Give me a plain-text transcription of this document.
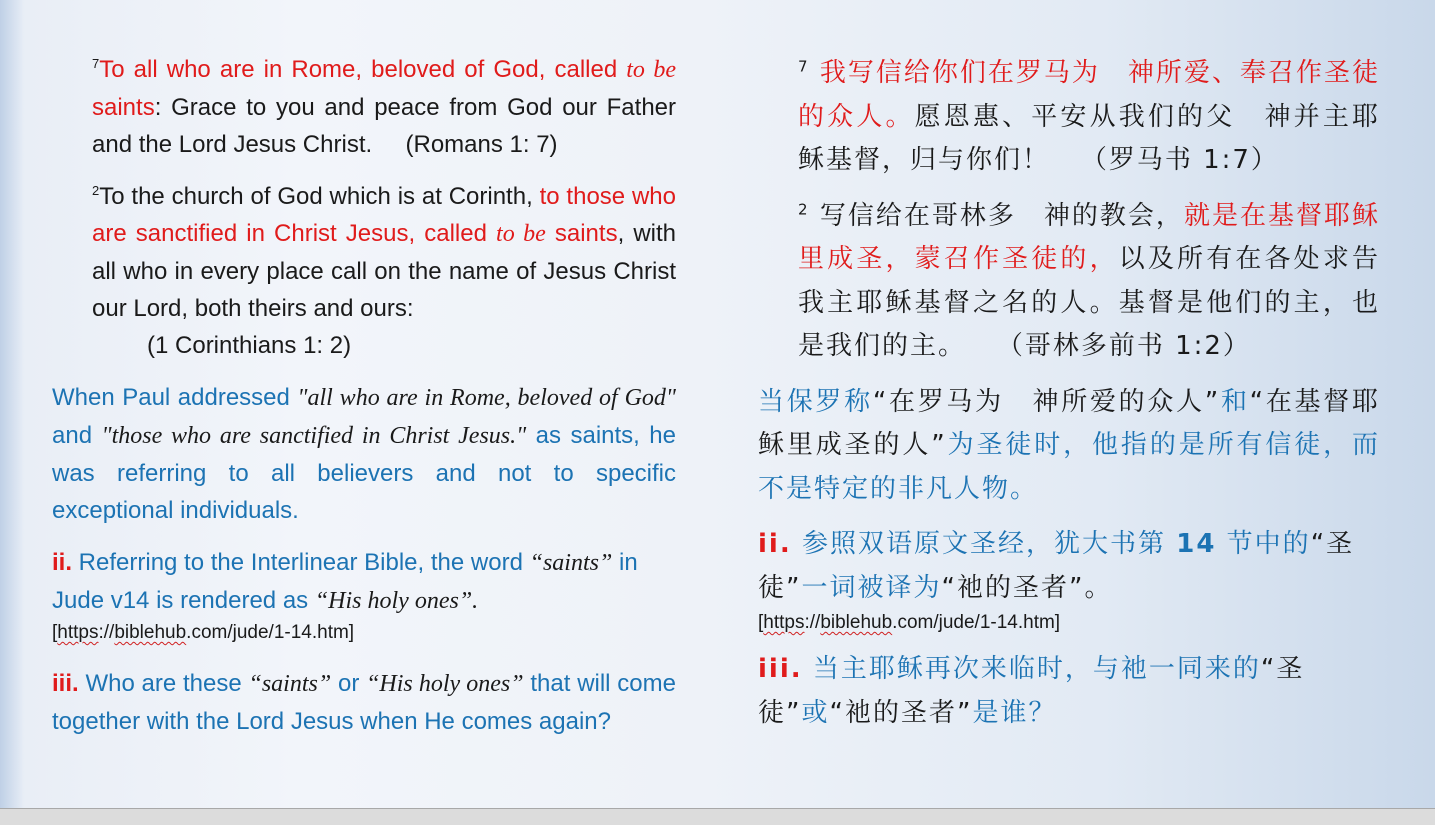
$^7$To all who are in Rome, beloved of God, called to be saints: Grace to you and peace from God our Father and the Lord Jesus Christ. (Romans 1: 7)

$^2$To the church of God which is at Corinth, to those who are sanctified in Christ Jesus, called to be saints, with all who in every place call on the name of Jesus Christ our Lord, both theirs and ours:

(1 Corinthians 1: 2)

When Paul addressed "all who are in Rome, beloved of God" and "those who are sanctified in Christ Jesus." as saints, he was referring to all believers and not to specific exceptional individuals.

ii. Referring to the Interlinear Bible, the word “saints” in Jude v14 is rendered as “His holy ones”.

[https://biblehub.com/jude/1-14.htm]

iii. Who are these “saints” or “His holy ones” that will come together with the Lord Jesus when He comes again?

$^7$ 我写信给你们在罗马为　神所爱、奉召作圣徒的众人。愿恩惠、平安从我们的父　神并主耶稣基督，归与你们！ （罗马书 1:7）

$^2$ 写信给在哥林多　神的教会，就是在基督耶稣里成圣，蒙召作圣徒的，以及所有在各处求告我主耶稣基督之名的人。基督是他们的主，也是我们的主。 （哥林多前书 1:2）

当保罗称“在罗马为　神所爱的众人”和“在基督耶稣里成圣的人”为圣徒时，他指的是所有信徒，而不是特定的非凡人物。

ii. 参照双语原文圣经，犹大书第 14 节中的“圣徒”一词被译为“祂的圣者”。

[https://biblehub.com/jude/1-14.htm]

iii. 当主耶稣再次来临时，与祂一同来的“圣徒”或“祂的圣者”是谁？
